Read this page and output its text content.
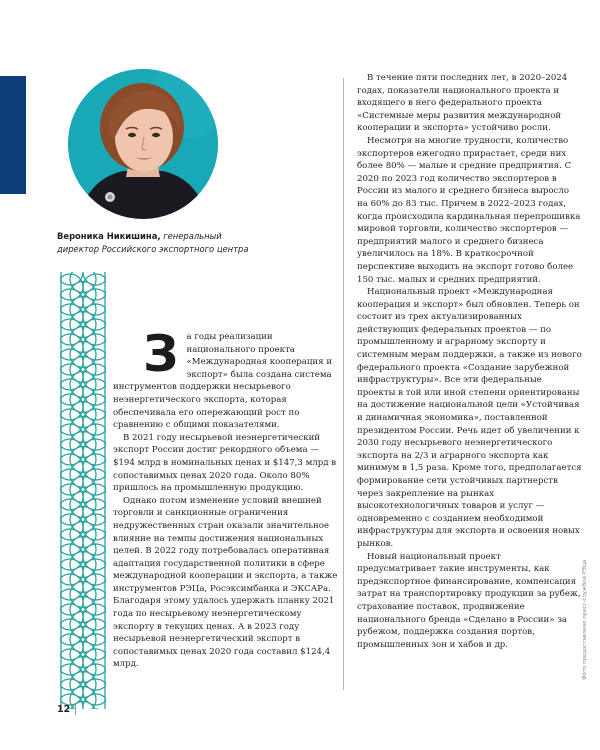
Вероника Никишина, генеральный директор Российского экспортного центра

За годы реализации национального проекта «Международная кооперация и экспорт» была создана система инструментов поддержки несырьевого неэнергетического экспорта, которая обеспечивала его опережающий рост по сравнению с общими показателями.

В 2021 году несырьевой неэнергетический экспорт России достиг рекордного объема — $194 млрд в номинальных ценах и $147,3 млрд в сопоставимых ценах 2020 года. Около 80% пришлось на промышленную продукцию.

Однако потом изменение условий внешней торговли и санкционные ограничения недружественных стран оказали значительное влияние на темпы достижения национальных целей. В 2022 году потребовалась оперативная адаптация государственной политики в сфере международной кооперации и экспорта, а также инструментов РЭЦа, Росэксимбанка и ЭКСАРа. Благодаря этому удалось удержать планку 2021 года по несырьевому неэнергетическому экспорту в текущих ценах. А в 2023 году несырьевой неэнергетический экспорт в сопоставимых ценах 2020 года составил $124,4 млрд.

В течение пяти последних лет, в 2020–2024 годах, показатели национального проекта и входящего в него федерального проекта «Системные меры развития международной кооперации и экспорта» устойчиво росли.

Несмотря на многие трудности, количество экспортеров ежегодно прирастает, среди них более 80% — малые и средние предприятия. С 2020 по 2023 год количество экспортеров в России из малого и среднего бизнеса выросло на 60% до 83 тыс. Причем в 2022–2023 годах, когда происходила кардинальная перепрошивка мировой торговли, количество экспортеров — предприятий малого и среднего бизнеса увеличилось на 18%. В краткосрочной перспективе выходить на экспорт готово более 150 тыс. малых и средних предприятий.

Национальный проект «Международная кооперация и экспорт» был обновлен. Теперь он состоит из трех актуализированных действующих федеральных проектов — по промышленному и аграрному экспорту и системным мерам поддержки, а также из нового федерального проекта «Создание зарубежной инфраструктуры». Все эти федеральные проекты в той или иной степени ориентированы на достижение национальной цели «Устойчивая и динамичная экономика», поставленной президентом России. Речь идет об увеличении к 2030 году несырьевого неэнергетического экспорта на 2/3 и аграрного экспорта как минимум в 1,5 раза. Кроме того, предполагается формирование сети устойчивых партнерств через закрепление на рынках высокотехнологичных товаров и услуг — одновременно с созданием необходимой инфраструктуры для экспорта и освоения новых рынков.

Новый национальный проект предусматривает такие инструменты, как предэкспортное финансирование, компенсация затрат на транспортировку продукции за рубеж, страхование поставок, продвижение национального бренда «Сделано в России» за рубежом, поддержка создания портов, промышленных зон и хабов и др.	Фото предоставлено пресс-службой РЭЦа
12
